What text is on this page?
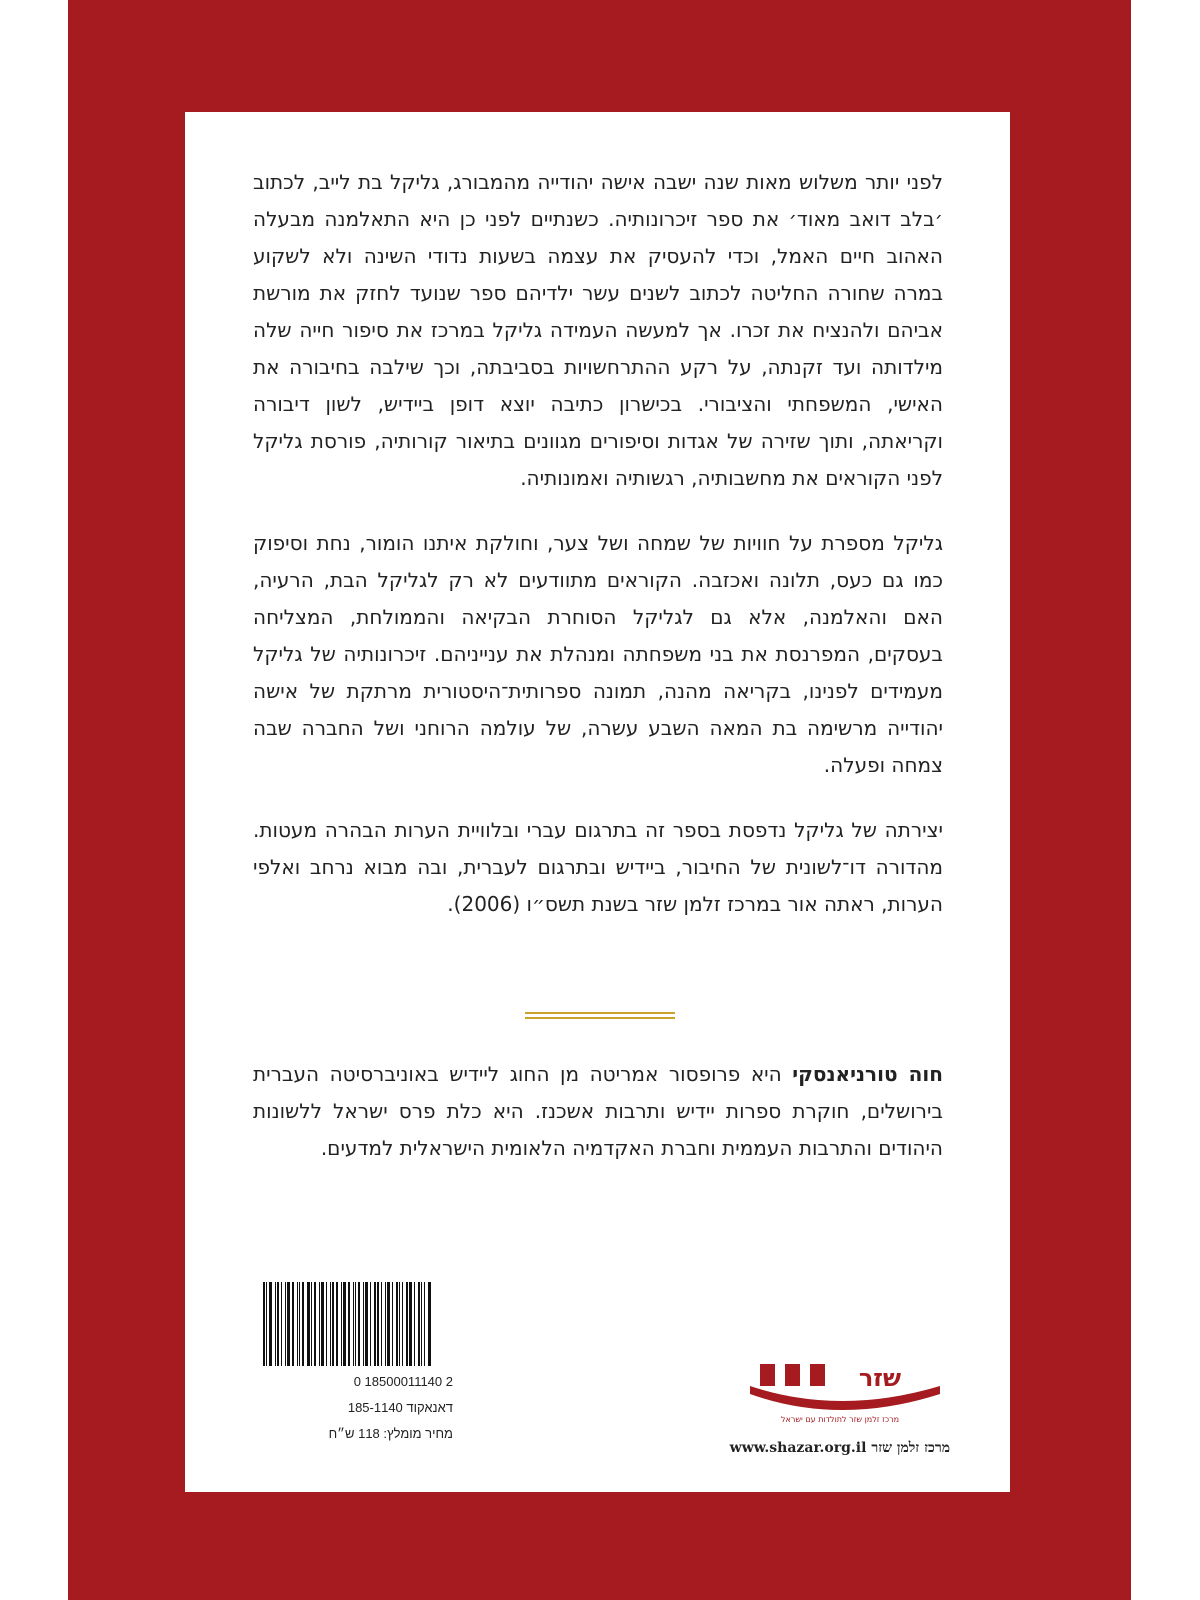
לפני יותר משלוש מאות שנה ישבה אישה יהודייה מהמבורג, גליקל בת לייב, לכתוב ׳בלב דואב מאוד׳ את ספר זיכרונותיה. כשנתיים לפני כן היא התאלמנה מבעלה האהוב חיים האמל, וכדי להעסיק את עצמה בשעות נדודי השינה ולא לשקוע במרה שחורה החליטה לכתוב לשנים עשר ילדיהם ספר שנועד לחזק את מורשת אביהם ולהנציח את זכרו. אך למעשה העמידה גליקל במרכז את סיפור חייה שלה מילדותה ועד זקנתה, על רקע ההתרחשויות בסביבתה, וכך שילבה בחיבורה את האישי, המשפחתי והציבורי. בכישרון כתיבה יוצא דופן ביידיש, לשון דיבורה וקריאתה, ותוך שזירה של אגדות וסיפורים מגוונים בתיאור קורותיה, פורסת גליקל לפני הקוראים את מחשבותיה, רגשותיה ואמונותיה.

גליקל מספרת על חוויות של שמחה ושל צער, וחולקת איתנו הומור, נחת וסיפוק כמו גם כעס, תלונה ואכזבה. הקוראים מתוודעים לא רק לגליקל הבת, הרעיה, האם והאלמנה, אלא גם לגליקל הסוחרת הבקיאה והממולחת, המצליחה בעסקים, המפרנסת את בני משפחתה ומנהלת את ענייניהם. זיכרונותיה של גליקל מעמידים לפנינו, בקריאה מהנה, תמונה ספרותית־היסטורית מרתקת של אישה יהודייה מרשימה בת המאה השבע עשרה, של עולמה הרוחני ושל החברה שבה צמחה ופעלה.

יצירתה של גליקל נדפסת בספר זה בתרגום עברי ובלוויית הערות הבהרה מעטות. מהדורה דו־לשונית של החיבור, ביידיש ובתרגום לעברית, ובה מבוא נרחב ואלפי הערות, ראתה אור במרכז זלמן שזר בשנת תשס״ו (2006).

חוה טורניאנסקי היא פרופסור אמריטה מן החוג ליידיש באוניברסיטה העברית בירושלים, חוקרת ספרות יידיש ותרבות אשכנז. היא כלת פרס ישראל ללשונות היהודים והתרבות העממית וחברת האקדמיה הלאומית הישראלית למדעים.

0 18500011140 2
דאנאקוד 185-1140
מחיר מומלץ: 118 ש״ח
שזר
מרכז זלמן שזר לתולדות עם ישראל
מרכז זלמן שזר www.shazar.org.il
